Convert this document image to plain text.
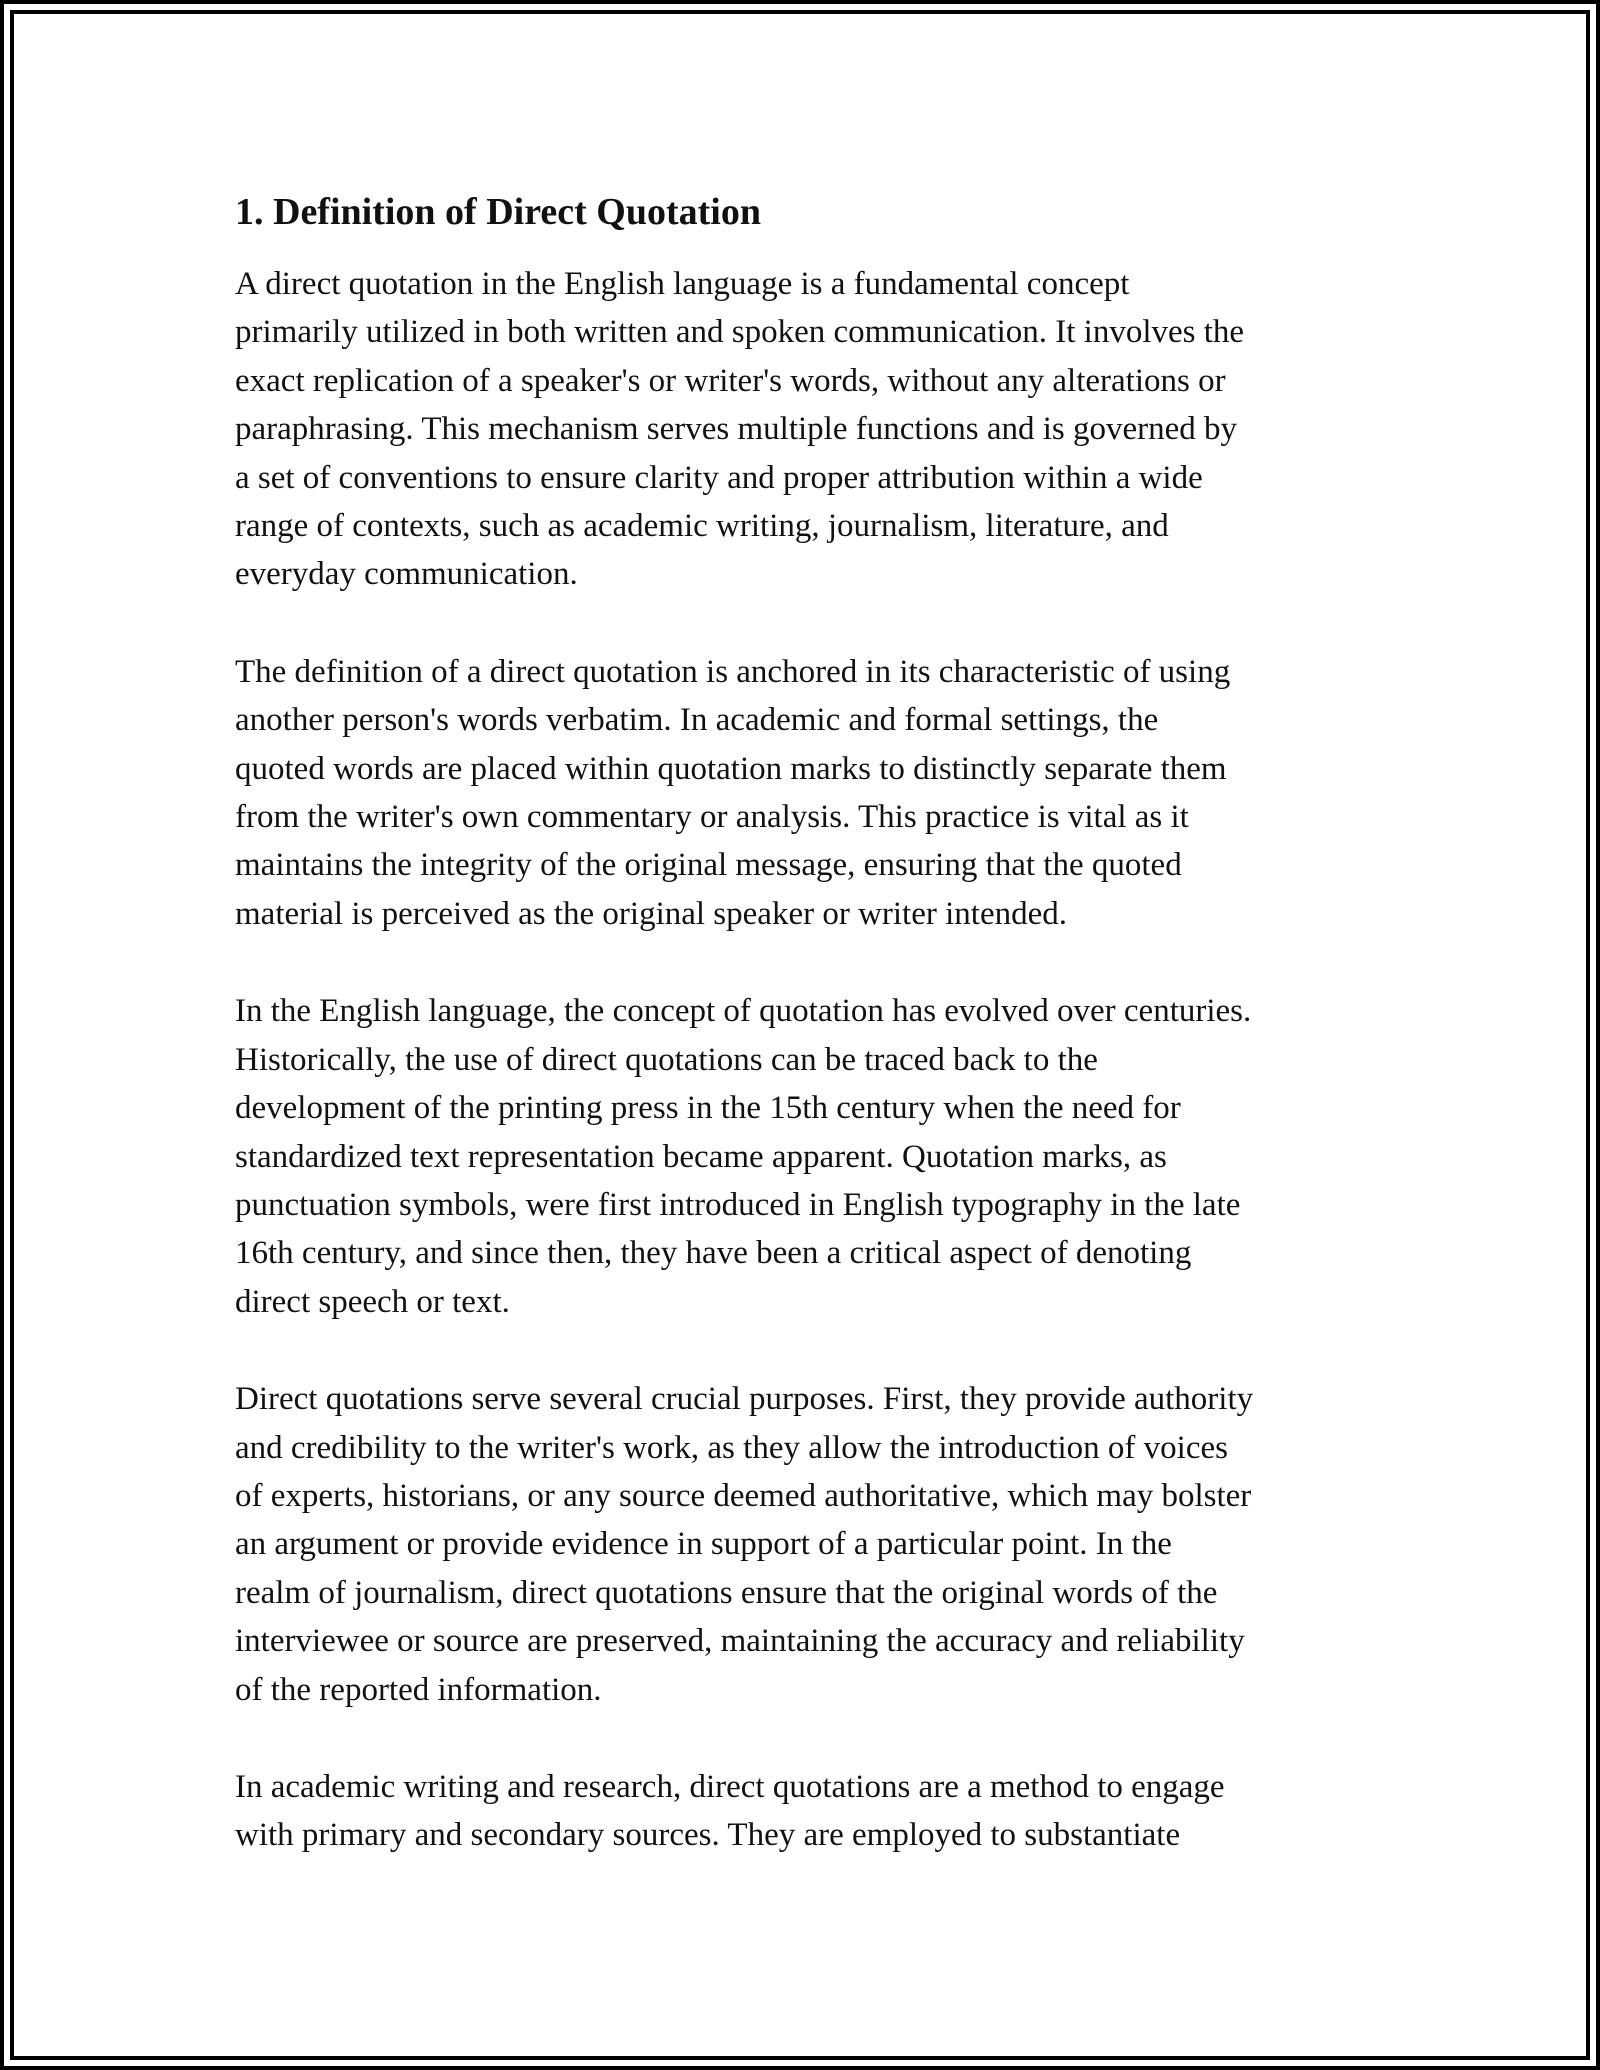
1. Definition of Direct Quotation

A direct quotation in the English language is a fundamental concept
primarily utilized in both written and spoken communication. It involves the
exact replication of a speaker's or writer's words, without any alterations or
paraphrasing. This mechanism serves multiple functions and is governed by
a set of conventions to ensure clarity and proper attribution within a wide
range of contexts, such as academic writing, journalism, literature, and
everyday communication.

The definition of a direct quotation is anchored in its characteristic of using
another person's words verbatim. In academic and formal settings, the
quoted words are placed within quotation marks to distinctly separate them
from the writer's own commentary or analysis. This practice is vital as it
maintains the integrity of the original message, ensuring that the quoted
material is perceived as the original speaker or writer intended.

In the English language, the concept of quotation has evolved over centuries.
Historically, the use of direct quotations can be traced back to the
development of the printing press in the 15th century when the need for
standardized text representation became apparent. Quotation marks, as
punctuation symbols, were first introduced in English typography in the late
16th century, and since then, they have been a critical aspect of denoting
direct speech or text.

Direct quotations serve several crucial purposes. First, they provide authority
and credibility to the writer's work, as they allow the introduction of voices
of experts, historians, or any source deemed authoritative, which may bolster
an argument or provide evidence in support of a particular point. In the
realm of journalism, direct quotations ensure that the original words of the
interviewee or source are preserved, maintaining the accuracy and reliability
of the reported information.

In academic writing and research, direct quotations are a method to engage
with primary and secondary sources. They are employed to substantiate
